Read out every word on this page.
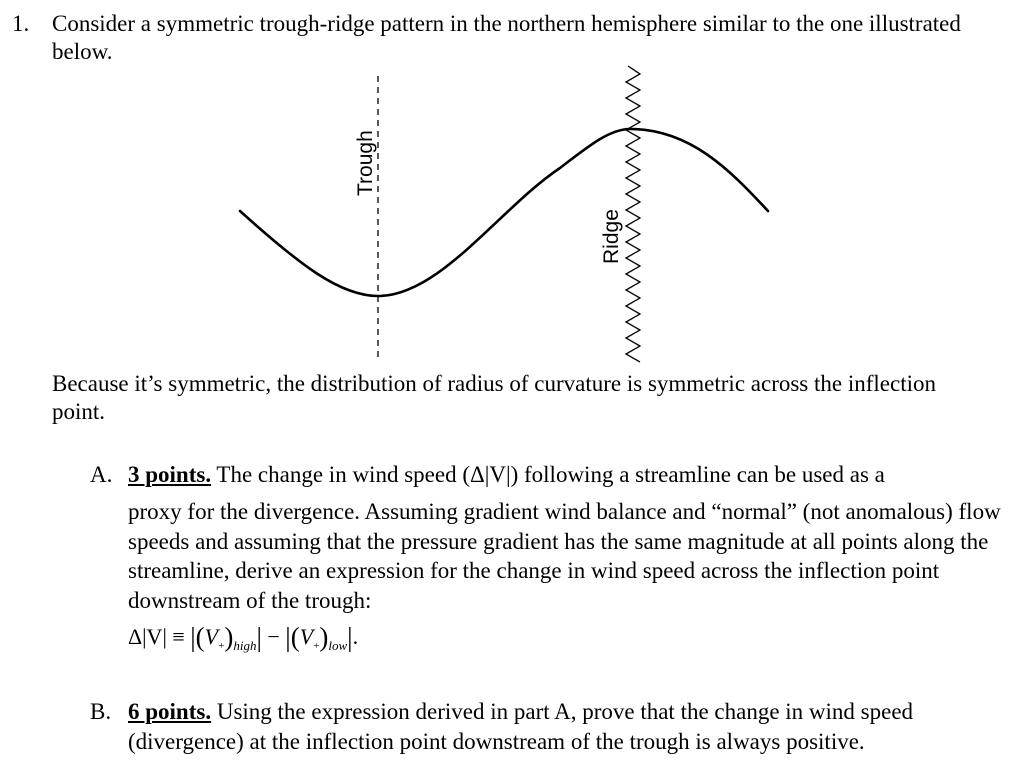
1. Consider a symmetric trough-ridge pattern in the northern hemisphere similar to the one illustrated below.
Trough
Ridge
Because it’s symmetric, the distribution of radius of curvature is symmetric across the inflection point.
A. 3 points. The change in wind speed (Δ|V|) following a streamline can be used as a
proxy for the divergence. Assuming gradient wind balance and “normal” (not anomalous) flow speeds and assuming that the pressure gradient has the same magnitude at all points along the streamline, derive an expression for the change in wind speed across the inflection point downstream of the trough:
$\Delta|V| \equiv |(V_+)_{high}| - |(V_+)_{low}|$.
B. 6 points. Using the expression derived in part A, prove that the change in wind speed (divergence) at the inflection point downstream of the trough is always positive.
